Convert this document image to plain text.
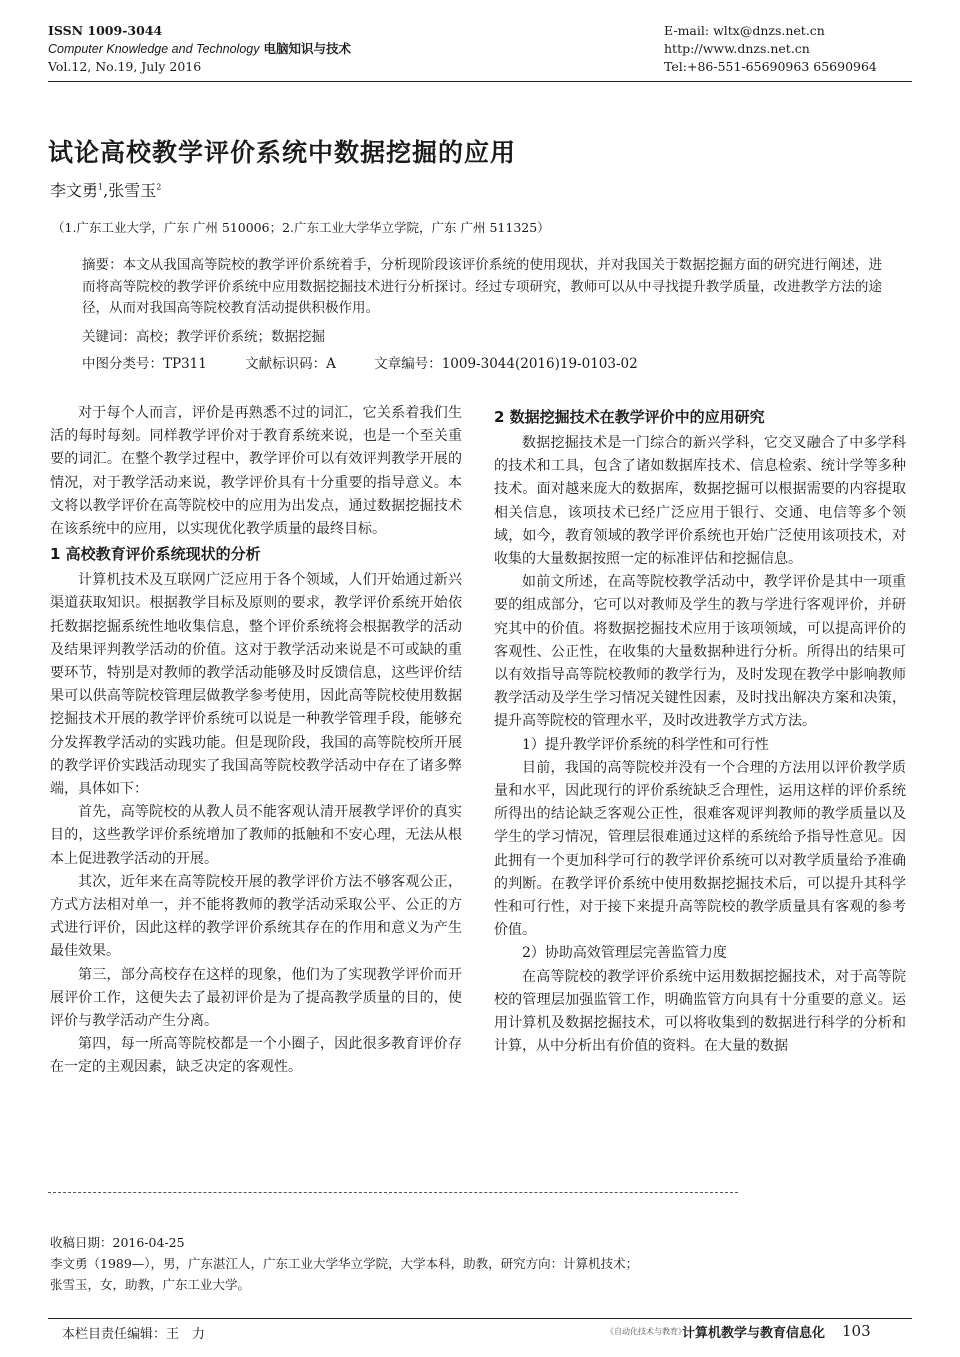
ISSN 1009-3044
Computer Knowledge and Technology 电脑知识与技术
Vol.12, No.19, July 2016
E-mail: wltx@dnzs.net.cn
http://www.dnzs.net.cn
Tel:+86-551-65690963 65690964
试论高校教学评价系统中数据挖掘的应用
李文勇$^1$,张雪玉$^2$
（1.广东工业大学，广东 广州 510006；2.广东工业大学华立学院，广东 广州 511325）
摘要：本文从我国高等院校的教学评价系统着手，分析现阶段该评价系统的使用现状，并对我国关于数据挖掘方面的研究进行阐述，进而将高等院校的教学评价系统中应用数据挖掘技术进行分析探讨。经过专项研究，教师可以从中寻找提升教学质量，改进教学方法的途径，从而对我国高等院校教育活动提供积极作用。
关键词：高校；教学评价系统；数据挖掘
中图分类号：TP311	文献标识码：A	文章编号：1009-3044(2016)19-0103-02

对于每个人而言，评价是再熟悉不过的词汇，它关系着我们生活的每时每刻。同样教学评价对于教育系统来说，也是一个至关重要的词汇。在整个教学过程中，教学评价可以有效评判教学开展的情况，对于教学活动来说，教学评价具有十分重要的指导意义。本文将以教学评价在高等院校中的应用为出发点，通过数据挖掘技术在该系统中的应用，以实现优化教学质量的最终目标。

1 高校教育评价系统现状的分析

计算机技术及互联网广泛应用于各个领域，人们开始通过新兴渠道获取知识。根据教学目标及原则的要求，教学评价系统开始依托数据挖掘系统性地收集信息，整个评价系统将会根据教学的活动及结果评判教学活动的价值。这对于教学活动来说是不可或缺的重要环节，特别是对教师的教学活动能够及时反馈信息，这些评价结果可以供高等院校管理层做教学参考使用，因此高等院校使用数据挖掘技术开展的教学评价系统可以说是一种教学管理手段，能够充分发挥教学活动的实践功能。但是现阶段，我国的高等院校所开展的教学评价实践活动现实了我国高等院校教学活动中存在了诸多弊端，具体如下：

首先，高等院校的从教人员不能客观认清开展教学评价的真实目的，这些教学评价系统增加了教师的抵触和不安心理，无法从根本上促进教学活动的开展。

其次，近年来在高等院校开展的教学评价方法不够客观公正，方式方法相对单一，并不能将教师的教学活动采取公平、公正的方式进行评价，因此这样的教学评价系统其存在的作用和意义为产生最佳效果。

第三，部分高校存在这样的现象，他们为了实现教学评价而开展评价工作，这便失去了最初评价是为了提高教学质量的目的，使评价与教学活动产生分离。

第四，每一所高等院校都是一个小圈子，因此很多教育评价存在一定的主观因素，缺乏决定的客观性。

2 数据挖掘技术在教学评价中的应用研究

数据挖掘技术是一门综合的新兴学科，它交叉融合了中多学科的技术和工具，包含了诸如数据库技术、信息检索、统计学等多种技术。面对越来庞大的数据库，数据挖掘可以根据需要的内容提取相关信息，该项技术已经广泛应用于银行、交通、电信等多个领域，如今，教育领域的教学评价系统也开始广泛使用该项技术，对收集的大量数据按照一定的标准评估和挖掘信息。

如前文所述，在高等院校教学活动中，教学评价是其中一项重要的组成部分，它可以对教师及学生的教与学进行客观评价，并研究其中的价值。将数据挖掘技术应用于该项领域，可以提高评价的客观性、公正性，在收集的大量数据种进行分析。所得出的结果可以有效指导高等院校教师的教学行为，及时发现在教学中影响教师教学活动及学生学习情况关键性因素，及时找出解决方案和决策，提升高等院校的管理水平，及时改进教学方式方法。

1）提升教学评价系统的科学性和可行性

目前，我国的高等院校并没有一个合理的方法用以评价教学质量和水平，因此现行的评价系统缺乏合理性，运用这样的评价系统所得出的结论缺乏客观公正性，很难客观评判教师的教学质量以及学生的学习情况，管理层很难通过这样的系统给予指导性意见。因此拥有一个更加科学可行的教学评价系统可以对教学质量给予准确的判断。在教学评价系统中使用数据挖掘技术后，可以提升其科学性和可行性，对于接下来提升高等院校的教学质量具有客观的参考价值。

2）协助高效管理层完善监管力度

在高等院校的教学评价系统中运用数据挖掘技术，对于高等院校的管理层加强监管工作，明确监管方向具有十分重要的意义。运用计算机及数据挖掘技术，可以将收集到的数据进行科学的分析和计算，从中分析出有价值的资料。在大量的数据

收稿日期：2016-04-25
李文勇（1989—），男，广东湛江人，广东工业大学华立学院，大学本科，助教，研究方向：计算机技术；
张雪玉，女，助教，广东工业大学。
本栏目责任编辑：王　力	《自动化技术与教育》
计算机教学与教育信息化 103
